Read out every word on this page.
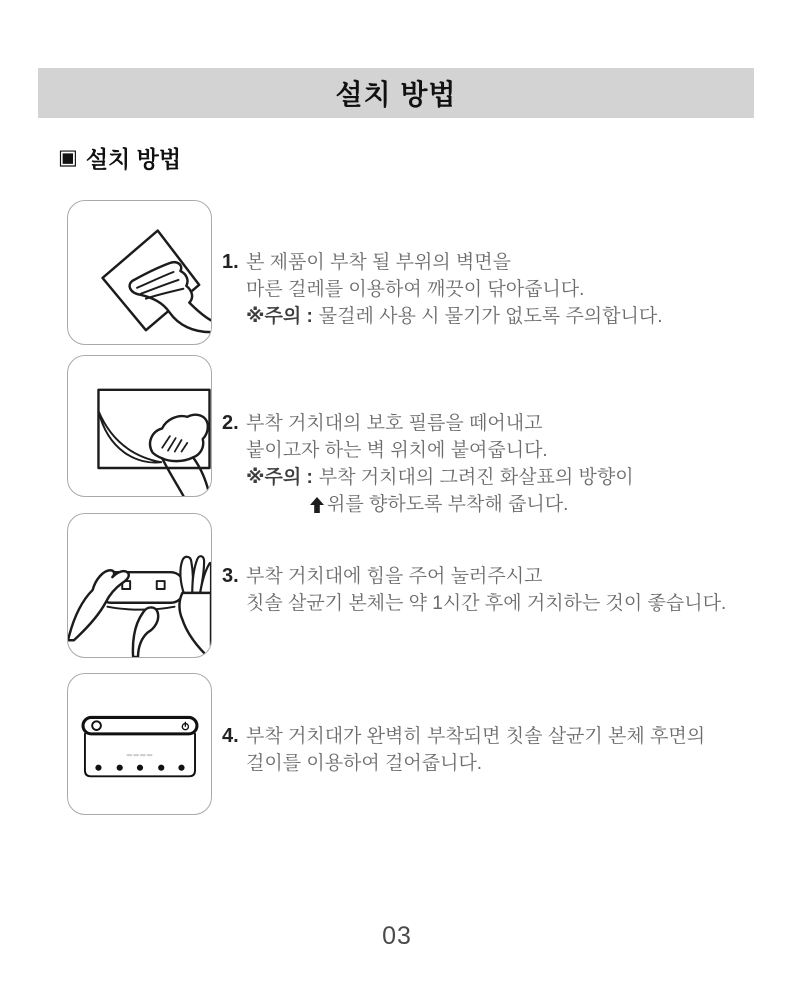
설치 방법
▣ 설치 방법
1. 본 제품이 부착 될 부위의 벽면을
마른 걸레를 이용하여 깨끗이 닦아줍니다.
※주의 : 물걸레 사용 시 물기가 없도록 주의합니다.
2. 부착 거치대의 보호 필름을 떼어내고
붙이고자 하는 벽 위치에 붙여줍니다.
※주의 : 부착 거치대의 그려진 화살표의 방향이
위를 향하도록 부착해 줍니다.
3. 부착 거치대에 힘을 주어 눌러주시고
칫솔 살균기 본체는 약 1시간 후에 거치하는 것이 좋습니다.
4. 부착 거치대가 완벽히 부착되면 칫솔 살균기 본체 후면의
걸이를 이용하여 걸어줍니다.
03
